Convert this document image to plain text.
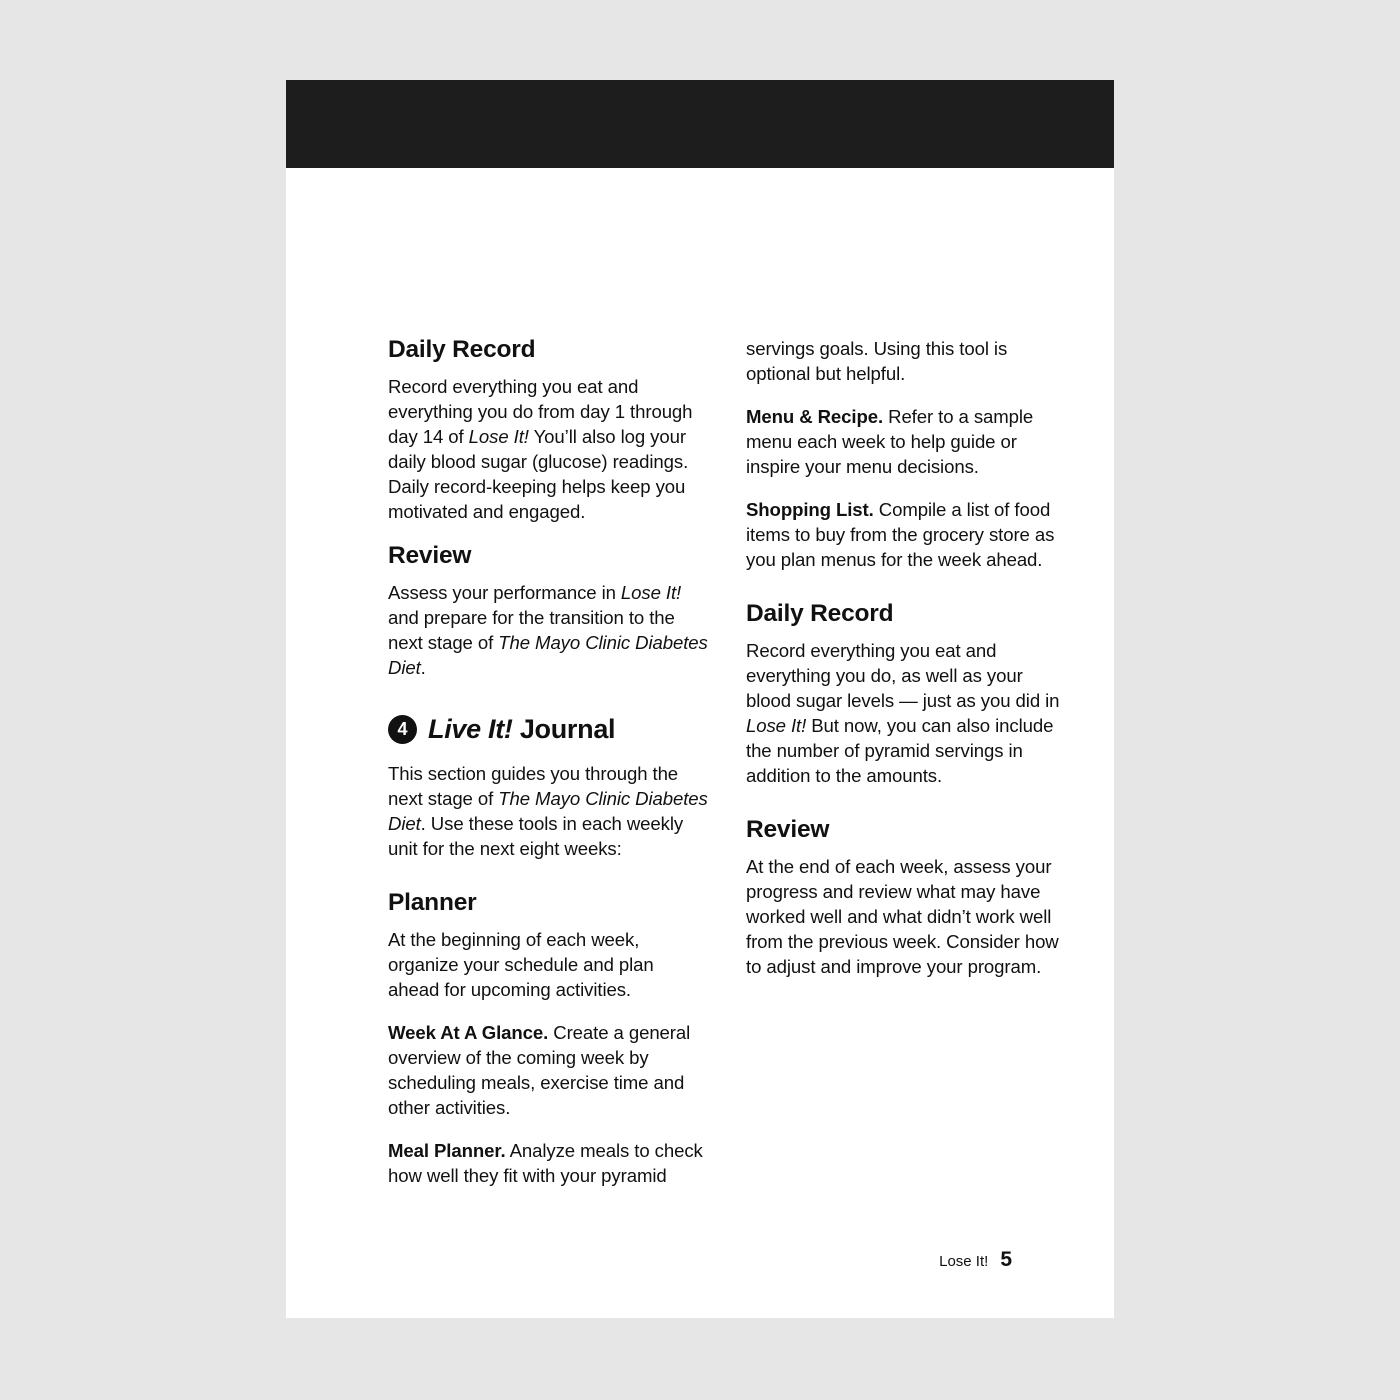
Daily Record

Record everything you eat and everything you do from day 1 through day 14 of Lose It! You’ll also log your daily blood sugar (glucose) readings. Daily record-keeping helps keep you motivated and engaged.

Review

Assess your performance in Lose It! and prepare for the transition to the next stage of The Mayo Clinic Diabetes Diet.

4 Live It! Journal

This section guides you through the next stage of The Mayo Clinic Diabetes Diet. Use these tools in each weekly unit for the next eight weeks:

Planner

At the beginning of each week, organize your schedule and plan ahead for upcoming activities.

Week At A Glance. Create a general overview of the coming week by scheduling meals, exercise time and other activities.

Meal Planner. Analyze meals to check how well they fit with your pyramid

servings goals. Using this tool is optional but helpful.

Menu & Recipe. Refer to a sample menu each week to help guide or inspire your menu decisions.

Shopping List. Compile a list of food items to buy from the grocery store as you plan menus for the week ahead.

Daily Record

Record everything you eat and everything you do, as well as your blood sugar levels — just as you did in Lose It! But now, you can also include the number of pyramid servings in addition to the amounts.

Review

At the end of each week, assess your progress and review what may have worked well and what didn’t work well from the previous week. Consider how to adjust and improve your program.

Lose It! 5
